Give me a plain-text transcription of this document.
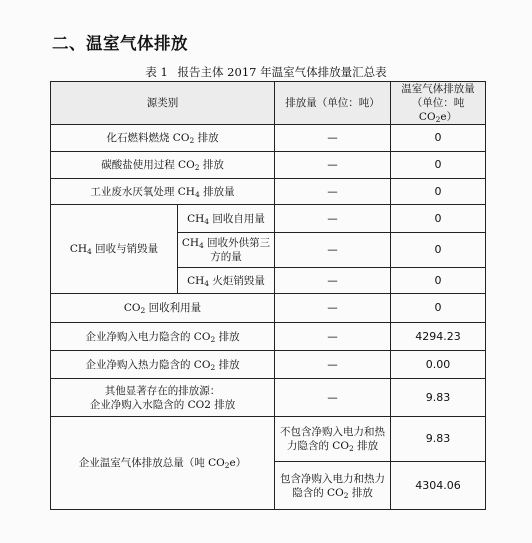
二、温室气体排放
表 1 报告主体 2017 年温室气体排放量汇总表
源类别		排放量（单位：吨）	温室气体排放量（单位：吨 $CO_2e$）
化石燃料燃烧 $CO_2$ 排放		—	0
碳酸盐使用过程 $CO_2$ 排放		—	0
工业废水厌氧处理 $CH_4$ 排放量		—	0
$CH_4$ 回收与销毁量	$CH_4$ 回收自用量	—	0
	$CH_4$ 回收外供第三方的量	—	0
	$CH_4$ 火炬销毁量	—	0
$CO_2$ 回收利用量		—	0
企业净购入电力隐含的 $CO_2$ 排放		—	4294.23
企业净购入热力隐含的 $CO_2$ 排放		—	0.00

其他显著存在的排放源：
企业净购入水隐含的 CO2 排放		—	9.83
企业温室气体排放总量（吨 $CO_2e$）		不包含净购入电力和热力隐含的 $CO_2$ 排放	9.83
		包含净购入电力和热力隐含的 $CO_2$ 排放	4304.06
